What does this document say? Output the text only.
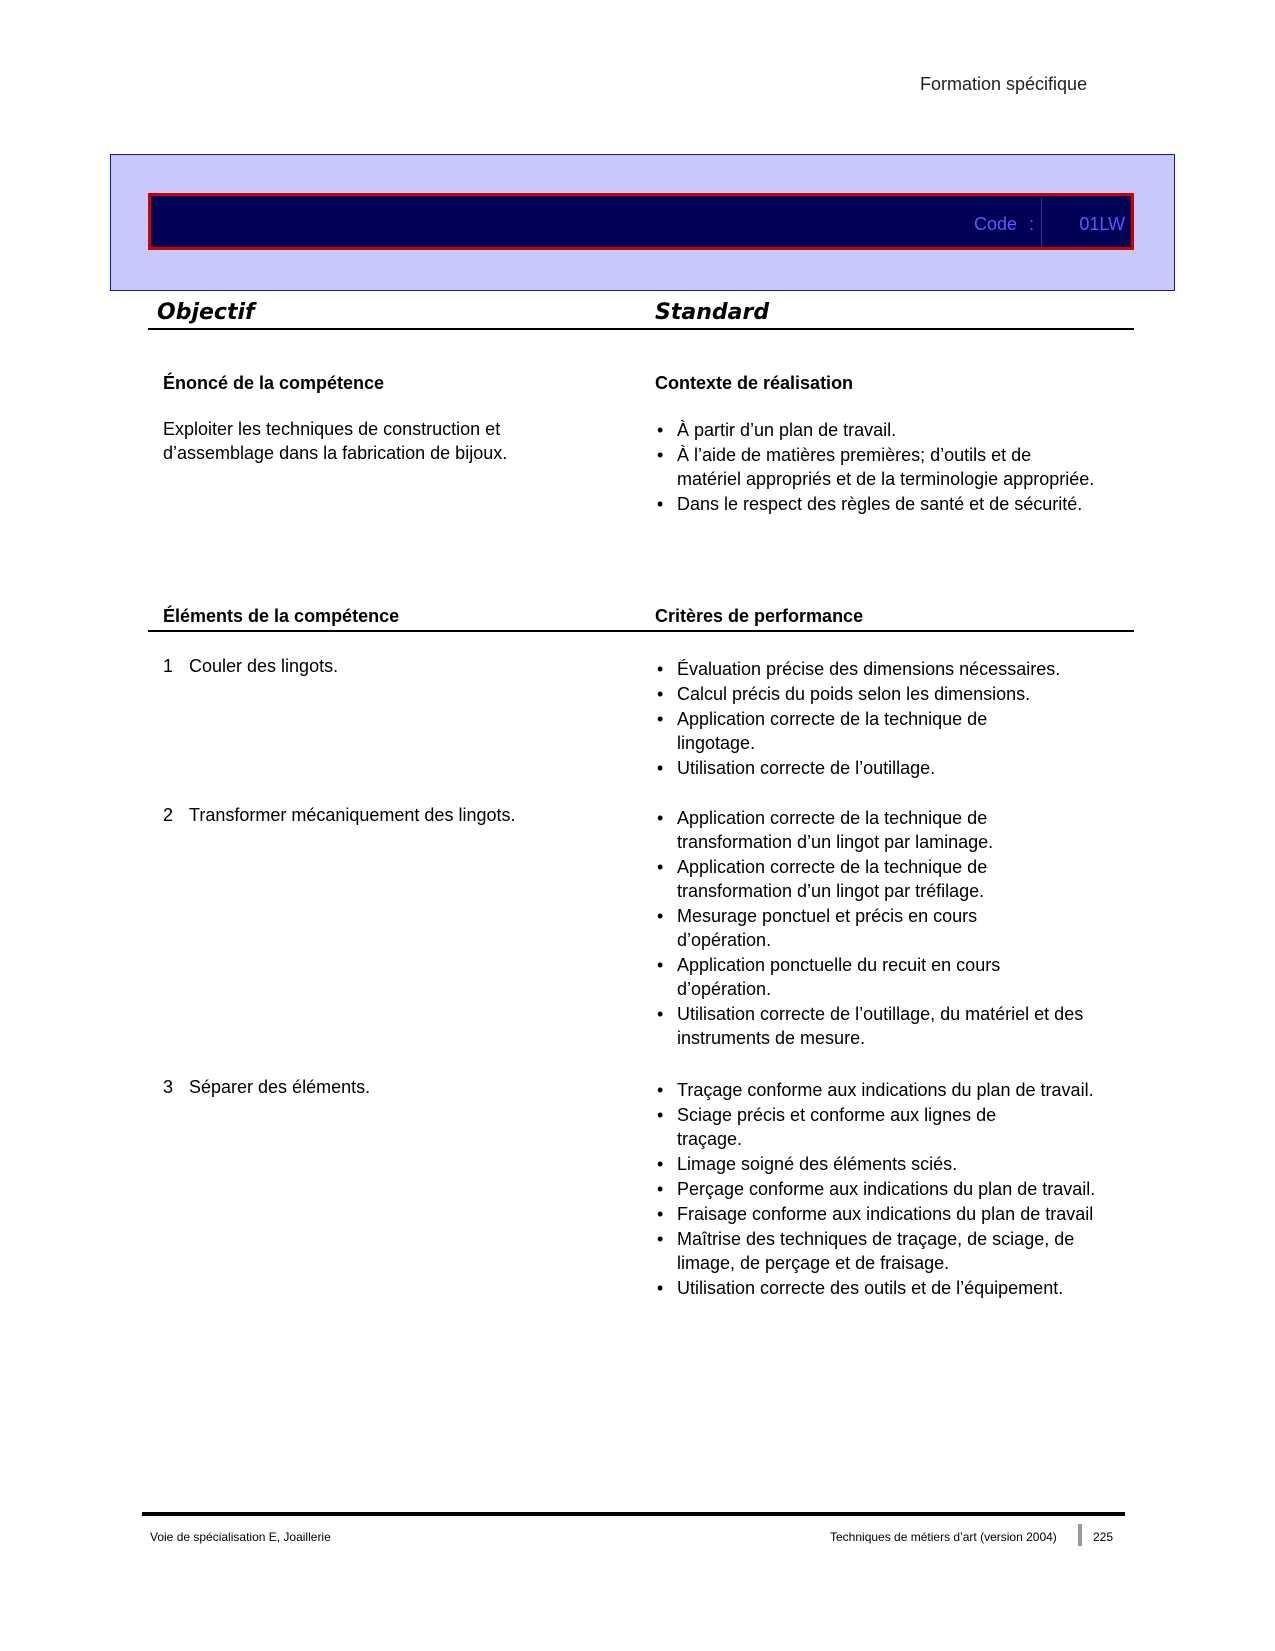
Formation spécifique
Code :	01LW
Objectif	Standard
Énoncé de la compétence	Contexte de réalisation
Exploiter les techniques de construction et
d’assemblage dans la fabrication de bijoux.
• À partir d’un plan de travail.
• À l’aide de matières premières; d’outils et de matériel appropriés et de la terminologie appropriée.
• Dans le respect des règles de santé et de sécurité.
Éléments de la compétence	Critères de performance
1 Couler des lingots.	• Évaluation précise des dimensions nécessaires.
• Calcul précis du poids selon les dimensions.
• Application correcte de la technique de lingotage.
• Utilisation correcte de l’outillage.
2 Transformer mécaniquement des lingots.	• Application correcte de la technique de transformation d’un lingot par laminage.
• Application correcte de la technique de transformation d’un lingot par tréfilage.
• Mesurage ponctuel et précis en cours d’opération.
• Application ponctuelle du recuit en cours d’opération.
• Utilisation correcte de l’outillage, du matériel et des instruments de mesure.
3 Séparer des éléments.	• Traçage conforme aux indications du plan de travail.
• Sciage précis et conforme aux lignes de traçage.
• Limage soigné des éléments sciés.
• Perçage conforme aux indications du plan de travail.
• Fraisage conforme aux indications du plan de travail
• Maîtrise des techniques de traçage, de sciage, de limage, de perçage et de fraisage.
• Utilisation correcte des outils et de l’équipement.
Voie de spécialisation E, Joaillerie	Techniques de métiers d’art (version 2004)	225
